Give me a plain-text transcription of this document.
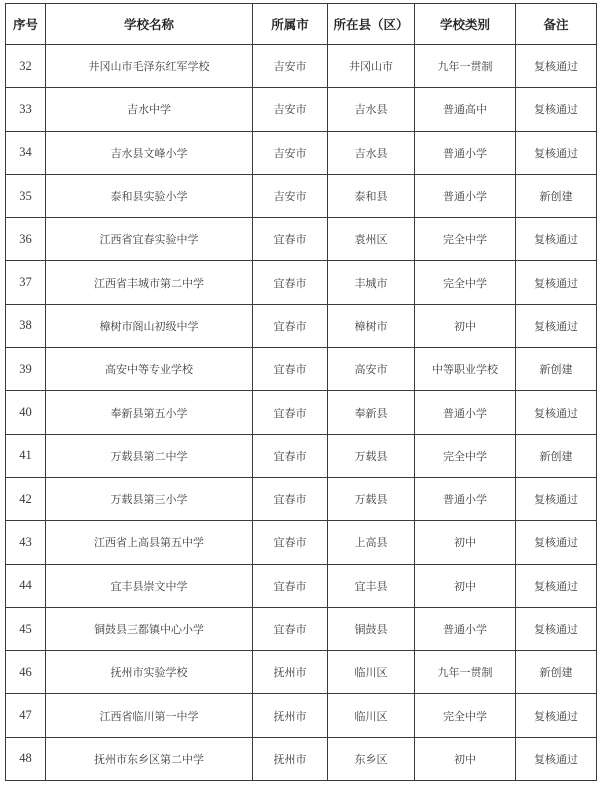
序号	学校名称	所属市	所在县（区）	学校类别	备注
32	井冈山市毛泽东红军学校	吉安市	井冈山市	九年一贯制	复核通过
33	吉水中学	吉安市	吉水县	普通高中	复核通过
34	吉水县文峰小学	吉安市	吉水县	普通小学	复核通过
35	泰和县实验小学	吉安市	泰和县	普通小学	新创建
36	江西省宜春实验中学	宜春市	袁州区	完全中学	复核通过
37	江西省丰城市第二中学	宜春市	丰城市	完全中学	复核通过
38	樟树市阁山初级中学	宜春市	樟树市	初中	复核通过
39	高安中等专业学校	宜春市	高安市	中等职业学校	新创建
40	奉新县第五小学	宜春市	奉新县	普通小学	复核通过
41	万载县第二中学	宜春市	万载县	完全中学	新创建
42	万载县第三小学	宜春市	万载县	普通小学	复核通过
43	江西省上高县第五中学	宜春市	上高县	初中	复核通过
44	宜丰县崇文中学	宜春市	宜丰县	初中	复核通过
45	铜鼓县三都镇中心小学	宜春市	铜鼓县	普通小学	复核通过
46	抚州市实验学校	抚州市	临川区	九年一贯制	新创建
47	江西省临川第一中学	抚州市	临川区	完全中学	复核通过
48	抚州市东乡区第二中学	抚州市	东乡区	初中	复核通过
